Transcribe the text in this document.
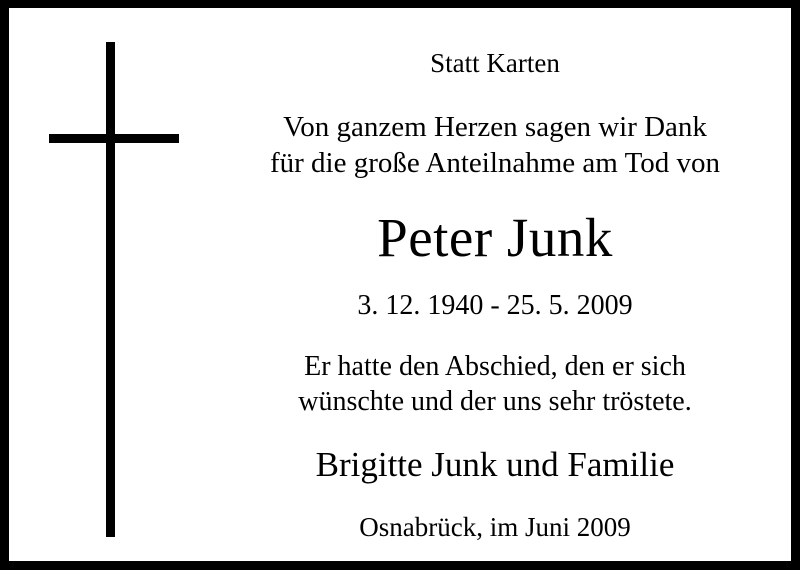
Statt Karten
Von ganzem Herzen sagen wir Dank
für die große Anteilnahme am Tod von
Peter Junk
3. 12. 1940 - 25. 5. 2009
Er hatte den Abschied, den er sich
wünschte und der uns sehr tröstete.
Brigitte Junk und Familie
Osnabrück, im Juni 2009
